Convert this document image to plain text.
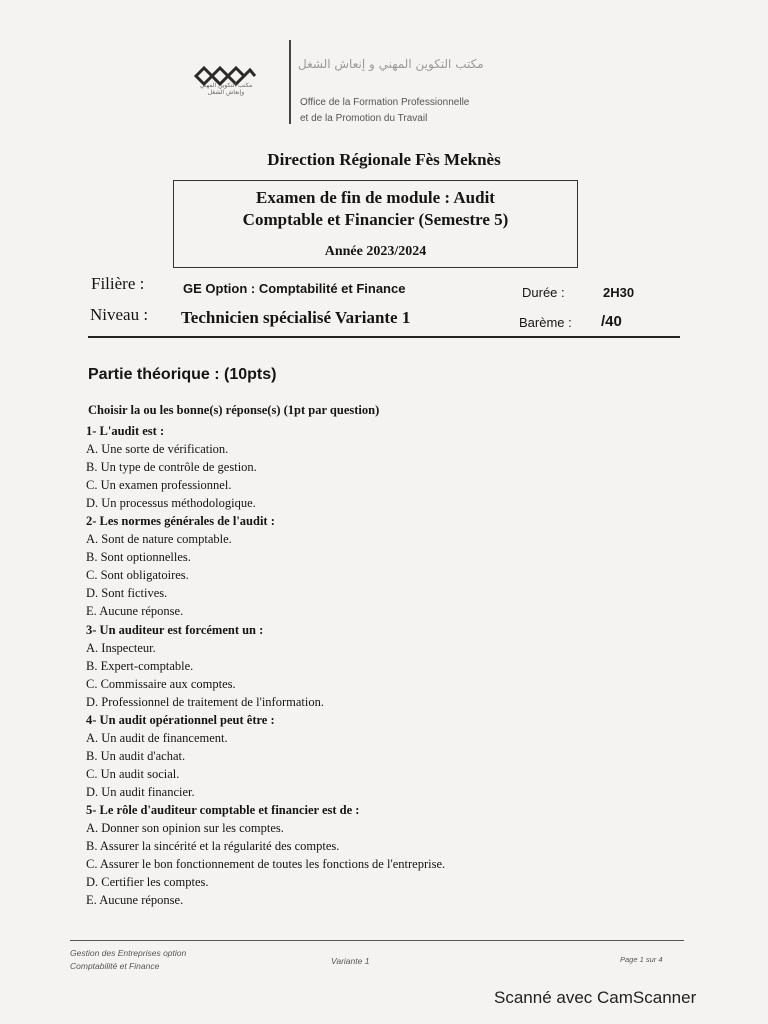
مكتب التكوين المهني وإنعاش الشغل
مكتب التكوين المهني و إنعاش الشغل
Office de la Formation Professionnelle
et de la Promotion du Travail
Direction Régionale Fès Meknès
Examen de fin de module : Audit
Comptable et Financier (Semestre 5)
Année 2023/2024
Filière :	GE Option : Comptabilité et Finance	Durée :	2H30
Niveau : Technicien spécialisé Variante 1	Barème : /40
Partie théorique : (10pts)
Choisir la ou les bonne(s) réponse(s) (1pt par question)
1- L'audit est :
A. Une sorte de vérification.
B. Un type de contrôle de gestion.
C. Un examen professionnel.
D. Un processus méthodologique.
2- Les normes générales de l'audit :
A. Sont de nature comptable.
B. Sont optionnelles.
C. Sont obligatoires.
D. Sont fictives.
E. Aucune réponse.
3- Un auditeur est forcément un :
A. Inspecteur.
B. Expert-comptable.
C. Commissaire aux comptes.
D. Professionnel de traitement de l'information.
4- Un audit opérationnel peut être :
A. Un audit de financement.
B. Un audit d'achat.
C. Un audit social.
D. Un audit financier.
5- Le rôle d'auditeur comptable et financier est de :
A. Donner son opinion sur les comptes.
B. Assurer la sincérité et la régularité des comptes.
C. Assurer le bon fonctionnement de toutes les fonctions de l'entreprise.
D. Certifier les comptes.
E. Aucune réponse.
Gestion des Entreprises option
Comptabilité et Finance	Variante 1	Page 1 sur 4
Scanné avec CamScanner
